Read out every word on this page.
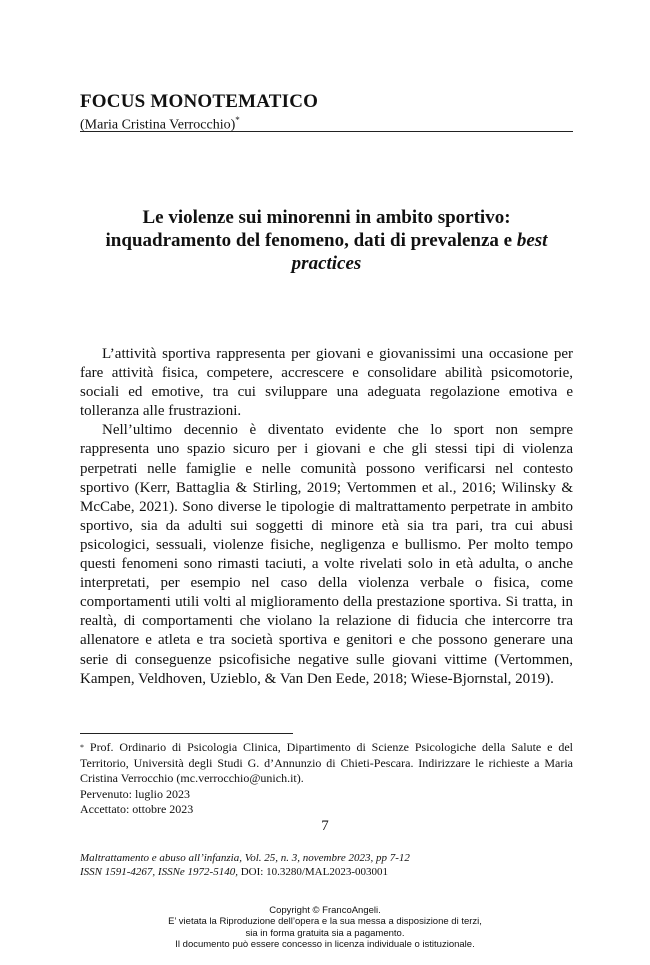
FOCUS MONOTEMATICO
(Maria Cristina Verrocchio)*
Le violenze sui minorenni in ambito sportivo:
inquadramento del fenomeno, dati di prevalenza e best practices

L’attività sportiva rappresenta per giovani e giovanissimi una occasione per fare attività fisica, competere, accrescere e consolidare abilità psicomotorie, sociali ed emotive, tra cui sviluppare una adeguata regolazione emotiva e tolleranza alle frustrazioni.

Nell’ultimo decennio è diventato evidente che lo sport non sempre rappresenta uno spazio sicuro per i giovani e che gli stessi tipi di violenza perpetrati nelle famiglie e nelle comunità possono verificarsi nel contesto sportivo (Kerr, Battaglia & Stirling, 2019; Vertommen et al., 2016; Wilinsky & McCabe, 2021). Sono diverse le tipologie di maltrattamento perpetrate in ambito sportivo, sia da adulti sui soggetti di minore età sia tra pari, tra cui abusi psicologici, sessuali, violenze fisiche, negligenza e bullismo. Per molto tempo questi fenomeni sono rimasti taciuti, a volte rivelati solo in età adulta, o anche interpretati, per esempio nel caso della violenza verbale o fisica, come comportamenti utili volti al miglioramento della prestazione sportiva. Si tratta, in realtà, di comportamenti che violano la relazione di fiducia che intercorre tra allenatore e atleta e tra società sportiva e genitori e che possono generare una serie di conseguenze psicofisiche negative sulle giovani vittime (Vertommen, Kampen, Veldhoven, Uzieblo, & Van Den Eede, 2018; Wiese-Bjornstal, 2019).

* Prof. Ordinario di Psicologia Clinica, Dipartimento di Scienze Psicologiche della Salute e del Territorio, Università degli Studi G. d’Annunzio di Chieti-Pescara. Indirizzare le richieste a Maria Cristina Verrocchio (mc.verrocchio@unich.it).

Pervenuto: luglio 2023

Accettato: ottobre 2023

7
Maltrattamento e abuso all’infanzia, Vol. 25, n. 3, novembre 2023, pp 7-12
ISSN 1591-4267, ISSNe 1972-5140, DOI: 10.3280/MAL2023-003001
Copyright © FrancoAngeli.
E’ vietata la Riproduzione dell’opera e la sua messa a disposizione di terzi,
sia in forma gratuita sia a pagamento.
Il documento può essere concesso in licenza individuale o istituzionale.
